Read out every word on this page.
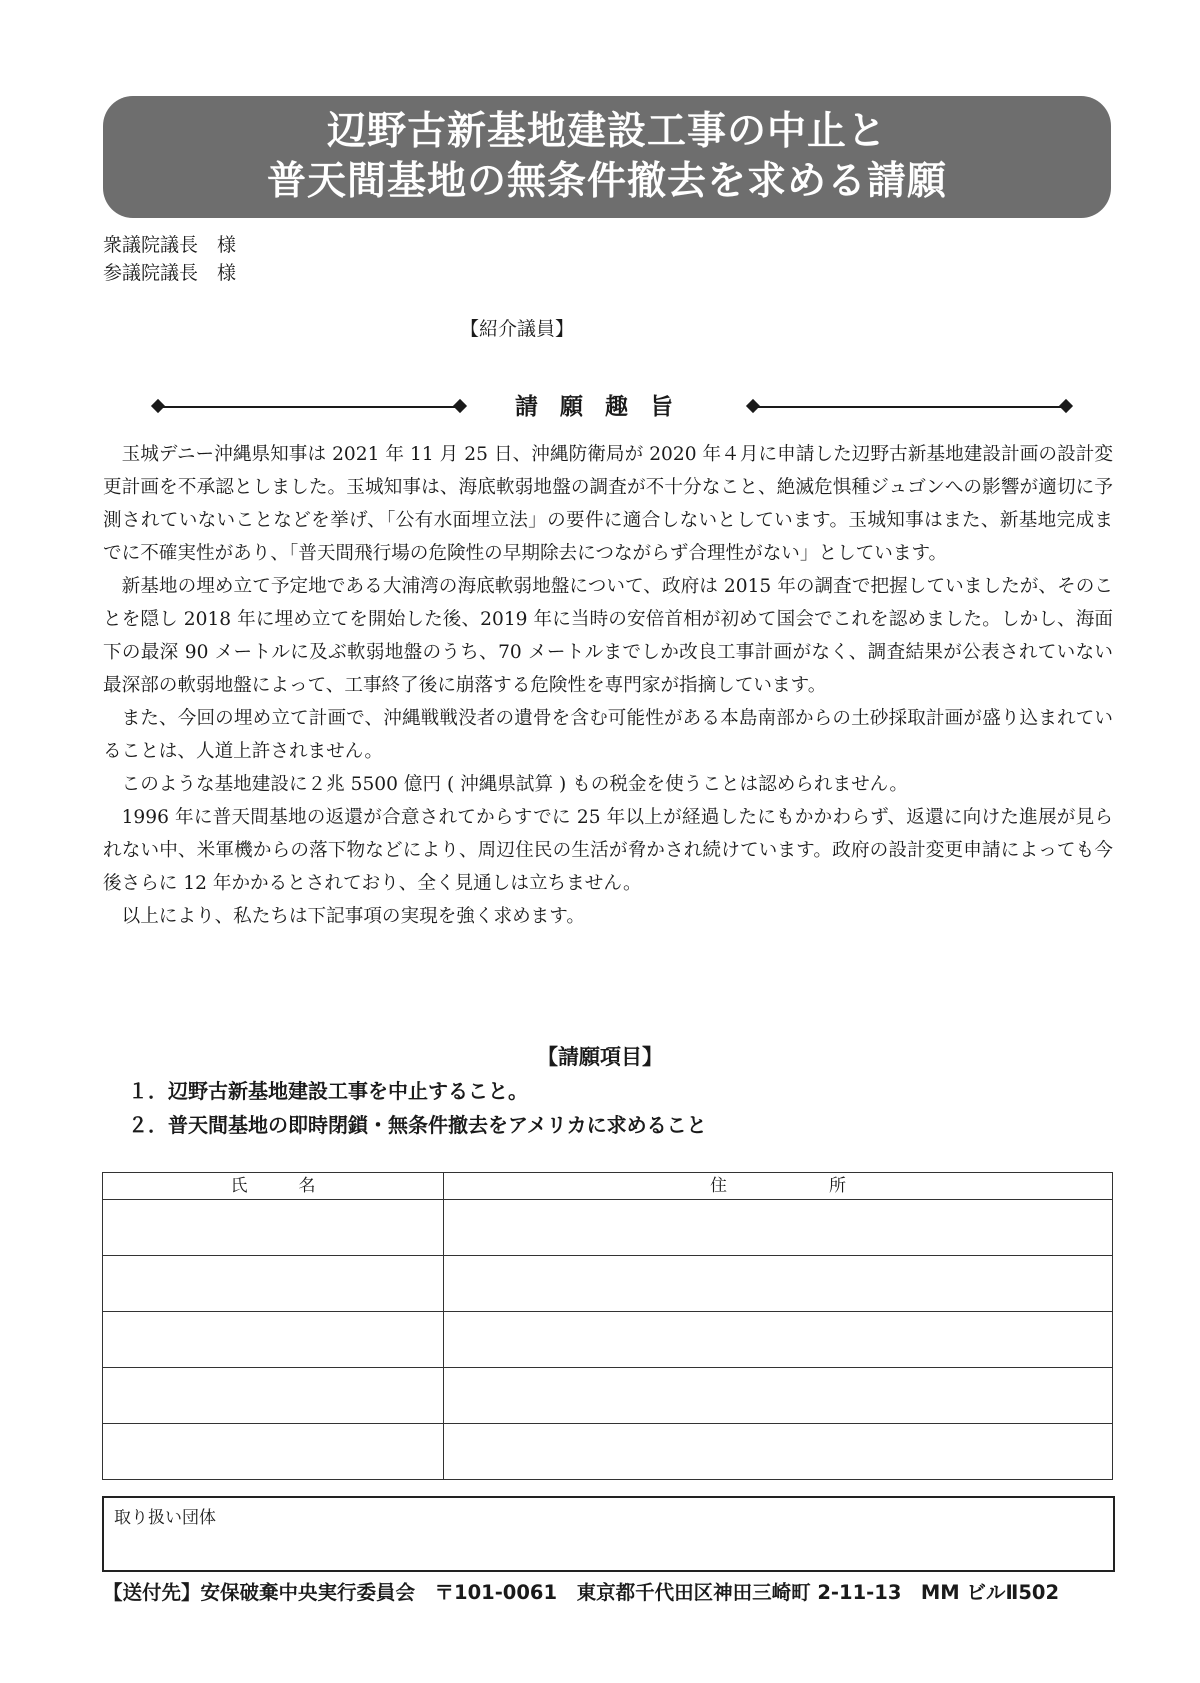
辺野古新基地建設工事の中止と
普天間基地の無条件撤去を求める請願
衆議院議長　様
参議院議長　様
【紹介議員】
請願趣旨

玉城デニー沖縄県知事は 2021 年 11 月 25 日、沖縄防衛局が 2020 年４月に申請した辺野古新基地建設計画の設計変更計画を不承認としました。玉城知事は、海底軟弱地盤の調査が不十分なこと、絶滅危惧種ジュゴンへの影響が適切に予測されていないことなどを挙げ、「公有水面埋立法」の要件に適合しないとしています。玉城知事はまた、新基地完成までに不確実性があり、「普天間飛行場の危険性の早期除去につながらず合理性がない」としています。

新基地の埋め立て予定地である大浦湾の海底軟弱地盤について、政府は 2015 年の調査で把握していましたが、そのことを隠し 2018 年に埋め立てを開始した後、2019 年に当時の安倍首相が初めて国会でこれを認めました。しかし、海面下の最深 90 メートルに及ぶ軟弱地盤のうち、70 メートルまでしか改良工事計画がなく、調査結果が公表されていない最深部の軟弱地盤によって、工事終了後に崩落する危険性を専門家が指摘しています。

また、今回の埋め立て計画で、沖縄戦戦没者の遺骨を含む可能性がある本島南部からの土砂採取計画が盛り込まれていることは、人道上許されません。

このような基地建設に２兆 5500 億円 ( 沖縄県試算 ) もの税金を使うことは認められません。

1996 年に普天間基地の返還が合意されてからすでに 25 年以上が経過したにもかかわらず、返還に向けた進展が見られない中、米軍機からの落下物などにより、周辺住民の生活が脅かされ続けています。政府の設計変更申請によっても今後さらに 12 年かかるとされており、全く見通しは立ちません。

以上により、私たちは下記事項の実現を強く求めます。

【請願項目】
１．辺野古新基地建設工事を中止すること。
２．普天間基地の即時閉鎖・無条件撤去をアメリカに求めること
氏　　　名	住　　　　　　所

取り扱い団体
【送付先】安保破棄中央実行委員会　〒101-0061　東京都千代田区神田三崎町 2-11-13　MM ビルⅡ502
